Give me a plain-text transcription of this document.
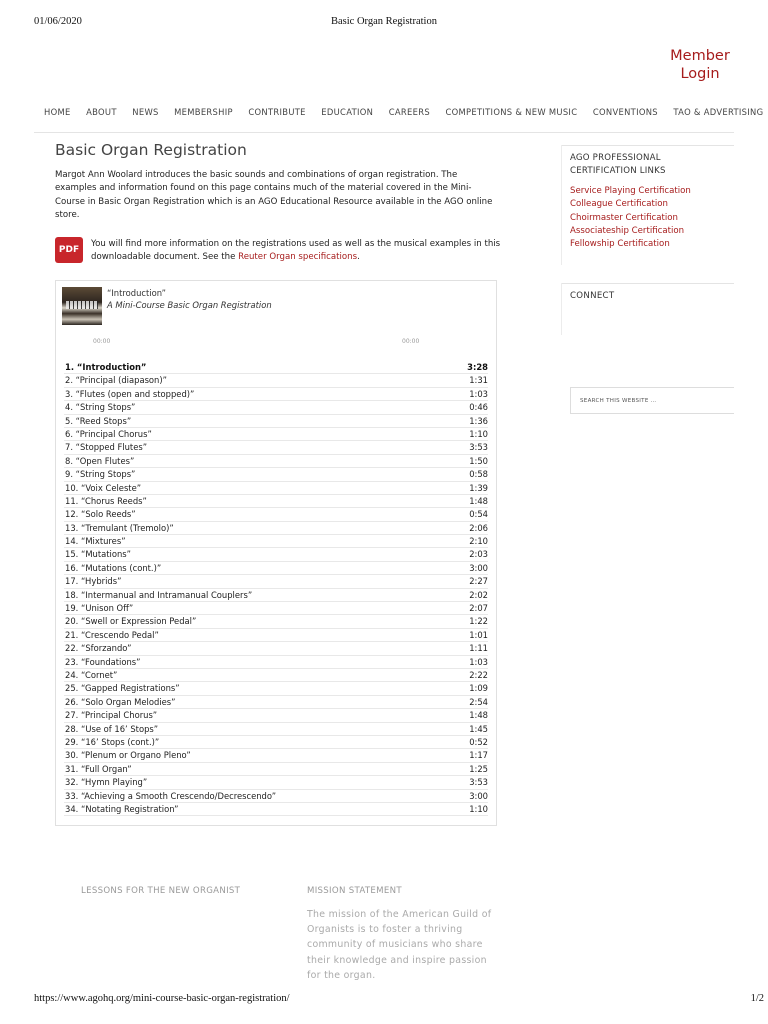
01/06/2020	Basic Organ Registration
Member
Login
HOME ABOUT NEWS MEMBERSHIP CONTRIBUTE EDUCATION CAREERS COMPETITIONS & NEW MUSIC CONVENTIONS TAO & ADVERTISING
Basic Organ Registration

Margot Ann Woolard introduces the basic sounds and combinations of organ registration. The examples and information found on this page contains much of the material covered in the Mini-Course in Basic Organ Registration which is an AGO Educational Resource available in the AGO online store.

PDF

You will find more information on the registrations used as well as the musical examples in this downloadable document. See the Reuter Organ specifications.

“Introduction”
A Mini-Course Basic Organ Registration
00:00	00:00
1. “Introduction”	3:28
2. “Principal (diapason)”	1:31
3. “Flutes (open and stopped)”	1:03
4. “String Stops”	0:46
5. “Reed Stops”	1:36
6. “Principal Chorus”	1:10
7. “Stopped Flutes”	3:53
8. “Open Flutes”	1:50
9. “String Stops”	0:58
10. “Voix Celeste”	1:39
11. “Chorus Reeds”	1:48
12. “Solo Reeds”	0:54
13. “Tremulant (Tremolo)”	2:06
14. “Mixtures”	2:10
15. “Mutations”	2:03
16. “Mutations (cont.)”	3:00
17. “Hybrids”	2:27
18. “Intermanual and Intramanual Couplers”	2:02
19. “Unison Off”	2:07
20. “Swell or Expression Pedal”	1:22
21. “Crescendo Pedal”	1:01
22. “Sforzando”	1:11
23. “Foundations”	1:03
24. “Cornet”	2:22
25. “Gapped Registrations”	1:09
26. “Solo Organ Melodies”	2:54
27. “Principal Chorus”	1:48
28. “Use of 16’ Stops”	1:45
29. “16’ Stops (cont.)”	0:52
30. “Plenum or Organo Pleno”	1:17
31. “Full Organ”	1:25
32. “Hymn Playing”	3:53
33. “Achieving a Smooth Crescendo/Decrescendo”	3:00
34. “Notating Registration”	1:10
AGO PROFESSIONAL CERTIFICATION LINKS
Service Playing Certification
Colleague Certification
Choirmaster Certification
Associateship Certification
Fellowship Certification
CONNECT
SEARCH THIS WEBSITE …
LESSONS FOR THE NEW ORGANIST	MISSION STATEMENT

The mission of the American Guild of Organists is to foster a thriving community of musicians who share their knowledge and inspire passion for the organ.

https://www.agohq.org/mini-course-basic-organ-registration/	1/2
